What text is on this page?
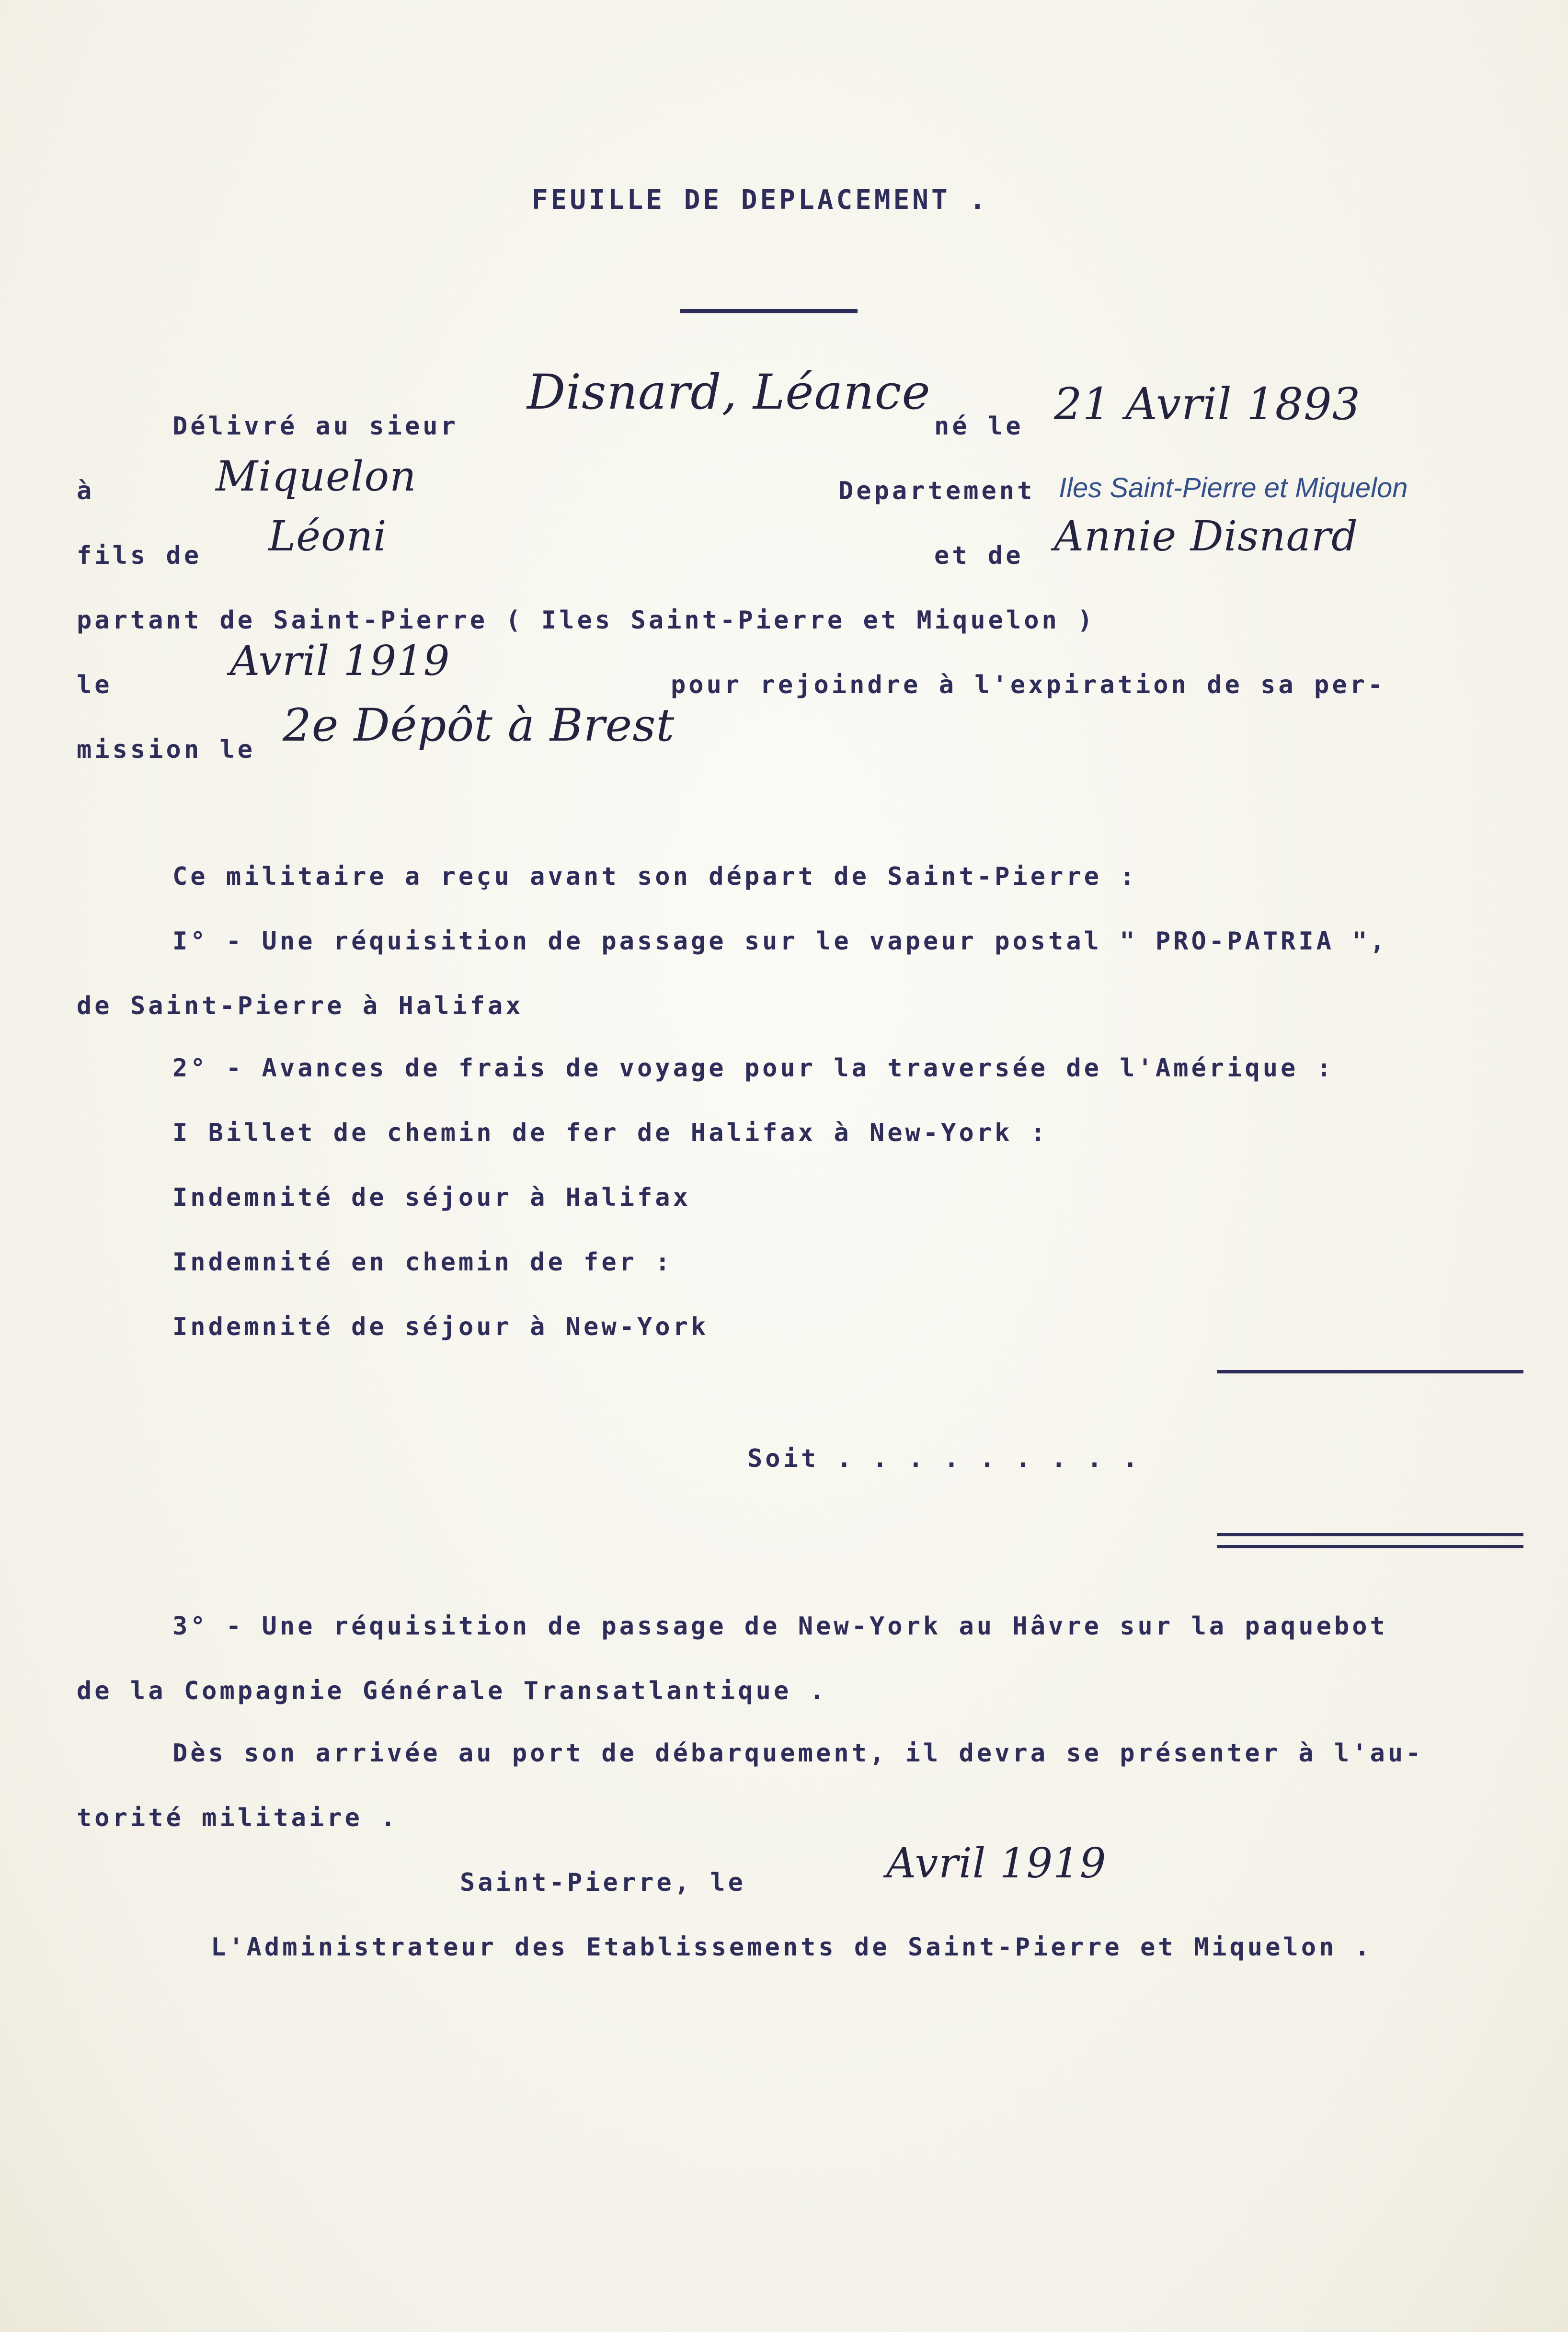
FEUILLE DE DEPLACEMENT .
Délivré au sieur
Disnard, Léance
né le 21 Avril 1893
à	Miquelon	Departement Iles Saint-Pierre et Miquelon
fils de Léoni	et de Annie Disnard
partant de Saint-Pierre ( Iles Saint-Pierre et Miquelon )
le	Avril 1919	pour rejoindre à l'expiration de sa per-
mission le 2e Dépôt à Brest
Ce militaire a reçu avant son départ de Saint-Pierre :
I° - Une réquisition de passage sur le vapeur postal " PRO-PATRIA ",
de Saint-Pierre à Halifax
2° - Avances de frais de voyage pour la traversée de l'Amérique :
I Billet de chemin de fer de Halifax à New-York :
Indemnité de séjour à Halifax
Indemnité en chemin de fer :
Indemnité de séjour à New-York
Soit . . . . . . . . .
3° - Une réquisition de passage de New-York au Hâvre sur la paquebot
de la Compagnie Générale Transatlantique .
Dès son arrivée au port de débarquement, il devra se présenter à l'au-
torité militaire .
Saint-Pierre, le	Avril 1919
L'Administrateur des Etablissements de Saint-Pierre et Miquelon .
